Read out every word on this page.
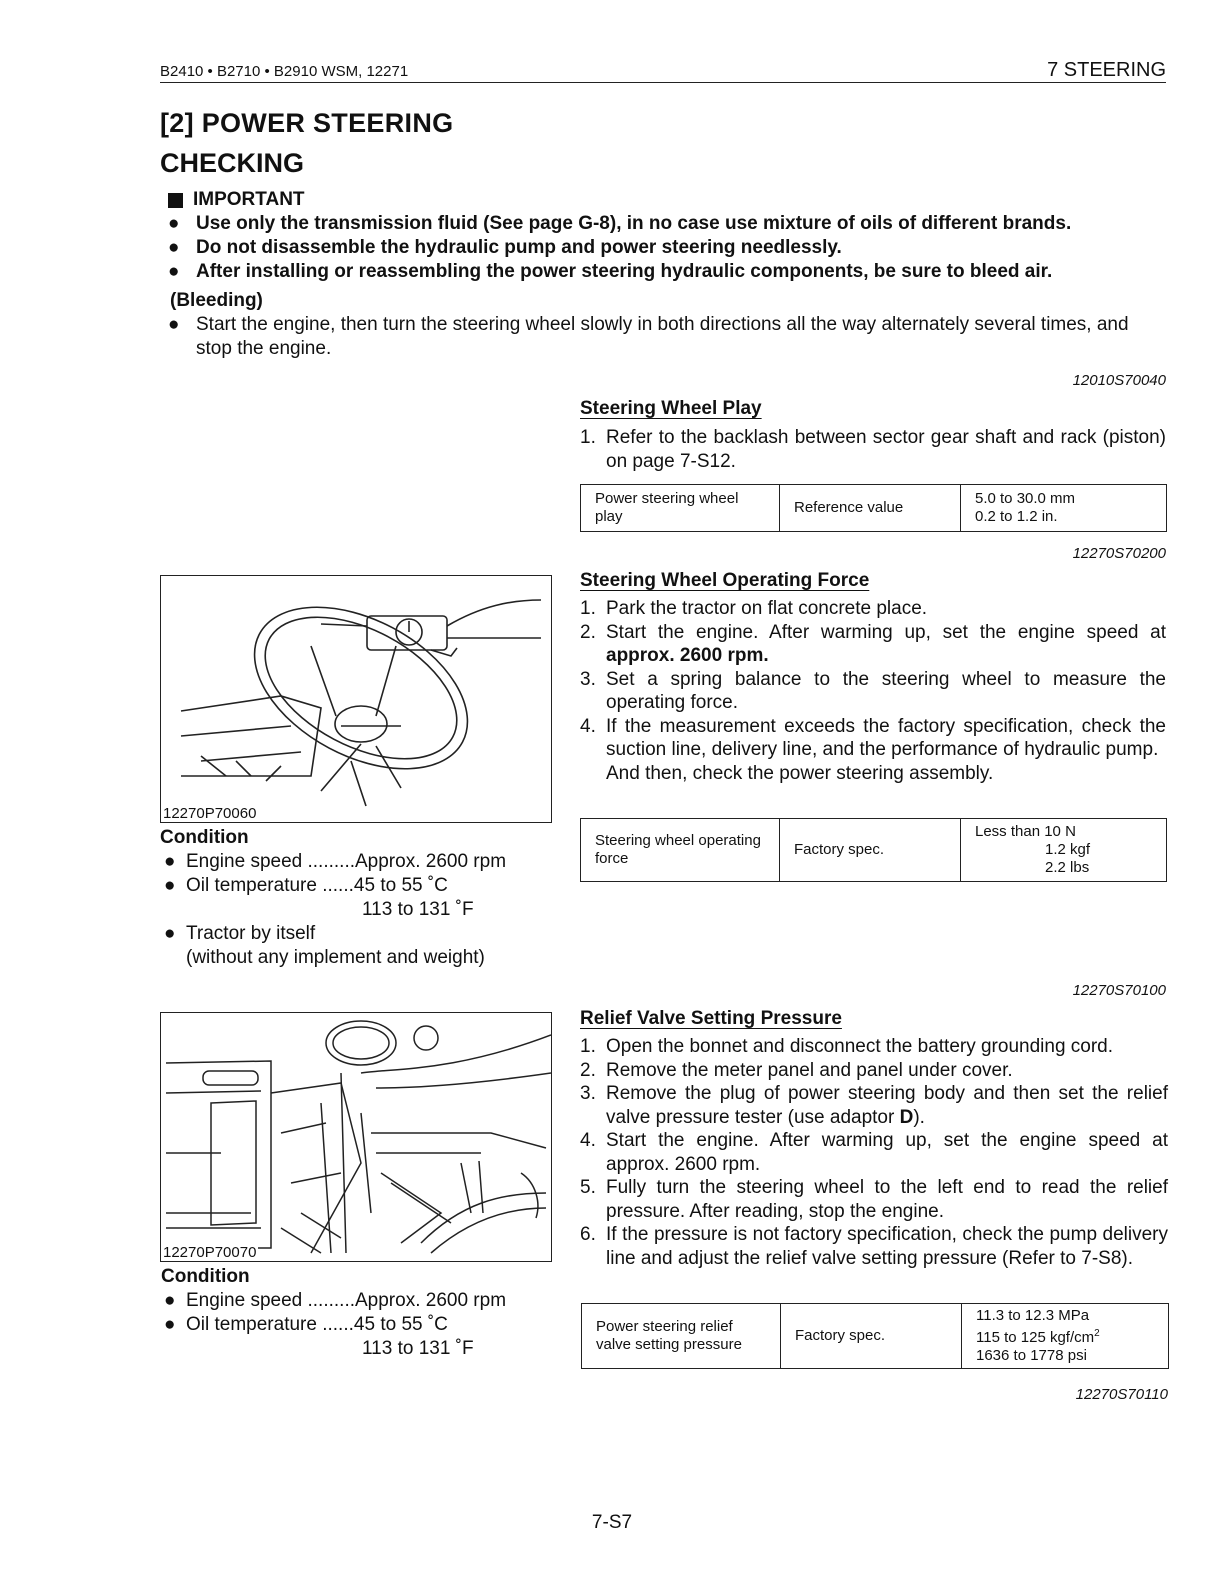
B2410 • B2710 • B2910 WSM, 12271	7 STEERING
[2] POWER STEERING
CHECKING
IMPORTANT
● Use only the transmission fluid (See page G-8), in no case use mixture of oils of different brands.
● Do not disassemble the hydraulic pump and power steering needlessly.
● After installing or reassembling the power steering hydraulic components, be sure to bleed air.
(Bleeding)
● Start the engine, then turn the steering wheel slowly in both directions all the way alternately several times, and stop the engine.
12010S70040
Steering Wheel Play
1. Refer to the backlash between sector gear shaft and rack (piston) on page 7-S12.
Power steering wheel play	Reference value	
5.0 to 30.0 mm
0.2 to 1.2 in.
12270S70200
12270P70060
Condition
● Engine speed ......... Approx. 2600 rpm
● Oil temperature ...... 45 to 55 ˚C
113 to 131 ˚F
● Tractor by itself
(without any implement and weight)
Steering Wheel Operating Force
1. Park the tractor on flat concrete place.
2. Start the engine. After warming up, set the engine speed at approx. 2600 rpm.
3. Set a spring balance to the steering wheel to measure the operating force.
4. If the measurement exceeds the factory specification, check the suction line, delivery line, and the performance of hydraulic pump.
And then, check the power steering assembly.
Steering wheel operating force	Factory spec.	
Less than 10 N
1.2 kgf
2.2 lbs
12270S70100
12270P70070
Condition
● Engine speed ......... Approx. 2600 rpm
● Oil temperature ...... 45 to 55 ˚C
113 to 131 ˚F
Relief Valve Setting Pressure
1. Open the bonnet and disconnect the battery grounding cord.
2. Remove the meter panel and panel under cover.
3. Remove the plug of power steering body and then set the relief valve pressure tester (use adaptor D).
4. Start the engine. After warming up, set the engine speed at approx. 2600 rpm.
5. Fully turn the steering wheel to the left end to read the relief pressure. After reading, stop the engine.
6. If the pressure is not factory specification, check the pump delivery line and adjust the relief valve setting pressure (Refer to 7-S8).
Power steering relief valve setting pressure	Factory spec.	
11.3 to 12.3 MPa
115 to 125 kgf/$cm^2$
1636 to 1778 psi
12270S70110
7-S7
